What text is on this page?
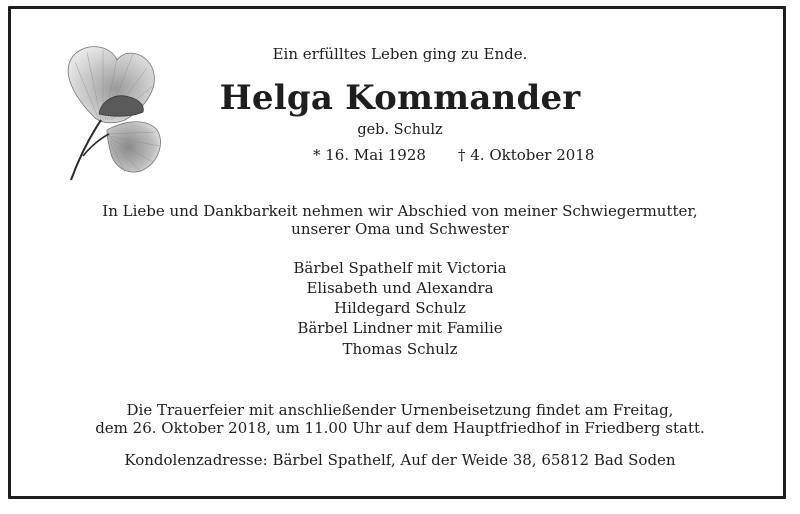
Ein erfülltes Leben ging zu Ende.
Helga Kommander
geb. Schulz
* 16. Mai 1928 † 4. Oktober 2018
In Liebe und Dankbarkeit nehmen wir Abschied von meiner Schwiegermutter,
unserer Oma und Schwester
Bärbel Spathelf mit Victoria
Elisabeth und Alexandra
Hildegard Schulz
Bärbel Lindner mit Familie
Thomas Schulz
Die Trauerfeier mit anschließender Urnenbeisetzung findet am Freitag,
dem 26. Oktober 2018, um 11.00 Uhr auf dem Hauptfriedhof in Friedberg statt.
Kondolenzadresse: Bärbel Spathelf, Auf der Weide 38, 65812 Bad Soden
